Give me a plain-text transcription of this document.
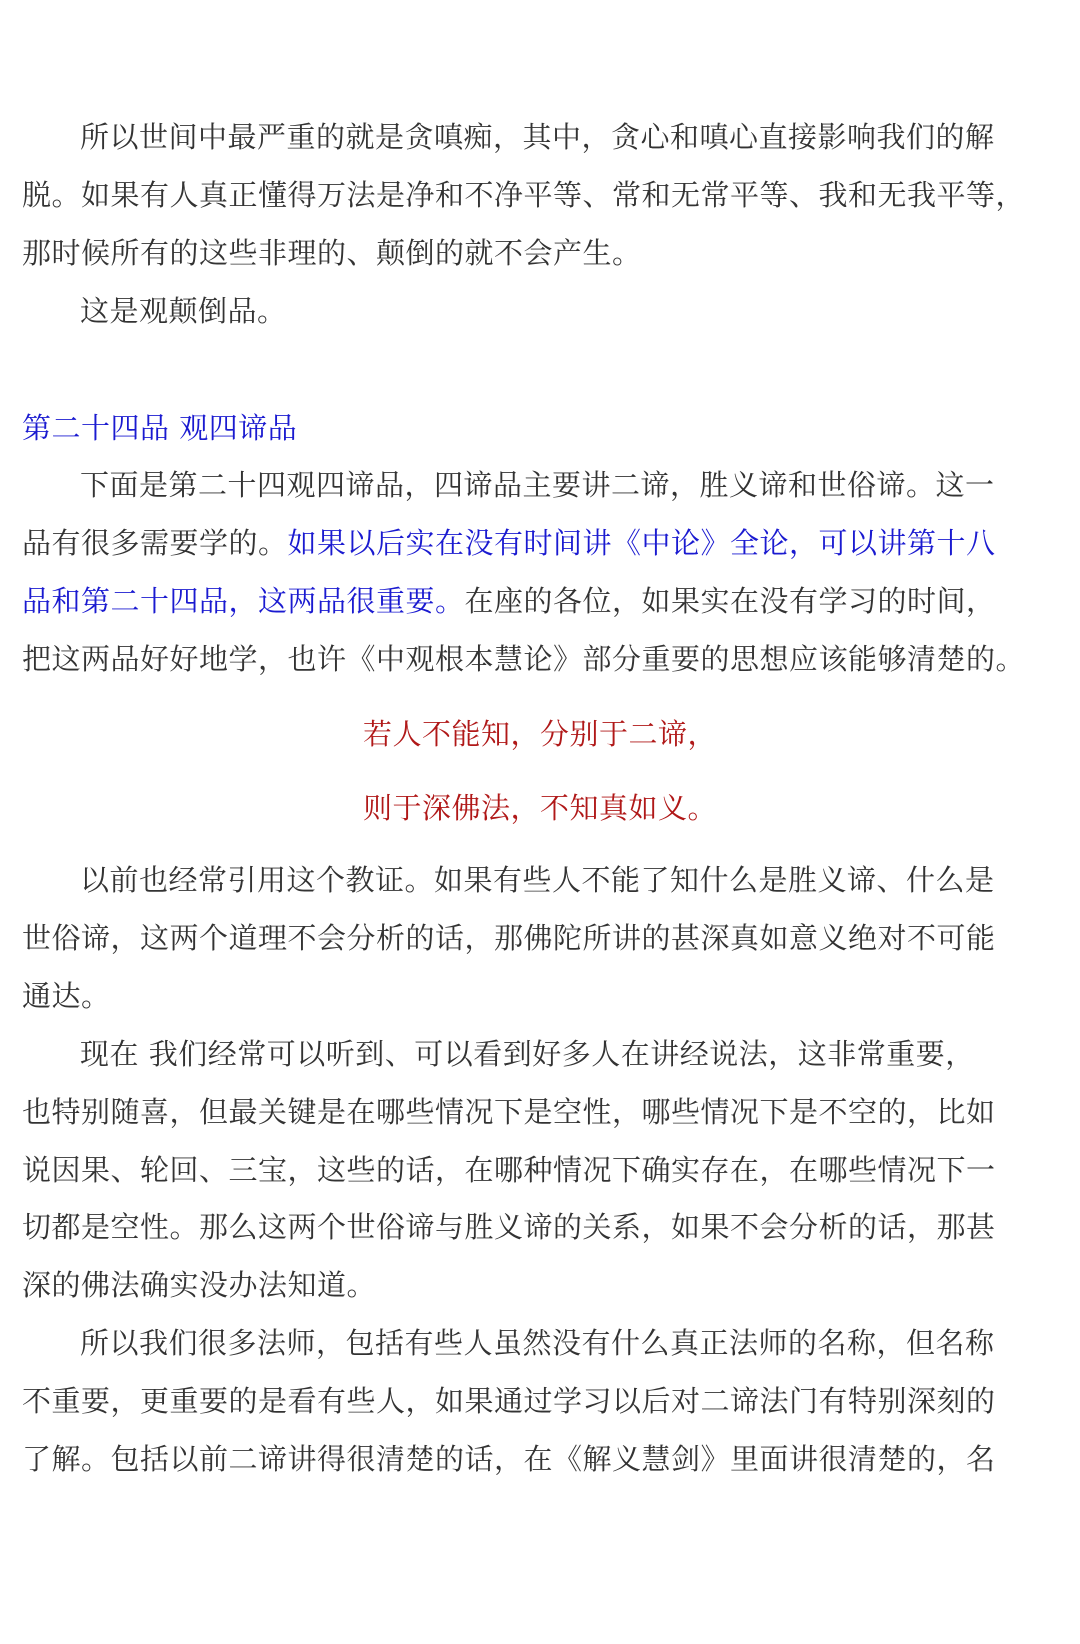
所以世间中最严重的就是贪嗔痴，其中，贪心和嗔心直接影响我们的解
脱。如果有人真正懂得万法是净和不净平等、常和无常平等、我和无我平等，
那时候所有的这些非理的、颠倒的就不会产生。
这是观颠倒品。
第二十四品 观四谛品
下面是第二十四观四谛品，四谛品主要讲二谛，胜义谛和世俗谛。这一
品有很多需要学的。如果以后实在没有时间讲《中论》全论，可以讲第十八
品和第二十四品，这两品很重要。在座的各位，如果实在没有学习的时间，
把这两品好好地学，也许《中观根本慧论》部分重要的思想应该能够清楚的。
若人不能知，分别于二谛，
则于深佛法，不知真如义。
以前也经常引用这个教证。如果有些人不能了知什么是胜义谛、什么是
世俗谛，这两个道理不会分析的话，那佛陀所讲的甚深真如意义绝对不可能
通达。
现在 我们经常可以听到、可以看到好多人在讲经说法，这非常重要，
也特别随喜，但最关键是在哪些情况下是空性，哪些情况下是不空的，比如
说因果、轮回、三宝，这些的话，在哪种情况下确实存在，在哪些情况下一
切都是空性。那么这两个世俗谛与胜义谛的关系，如果不会分析的话，那甚
深的佛法确实没办法知道。
所以我们很多法师，包括有些人虽然没有什么真正法师的名称，但名称
不重要，更重要的是看有些人，如果通过学习以后对二谛法门有特别深刻的
了解。包括以前二谛讲得很清楚的话，在《解义慧剑》里面讲很清楚的，名
